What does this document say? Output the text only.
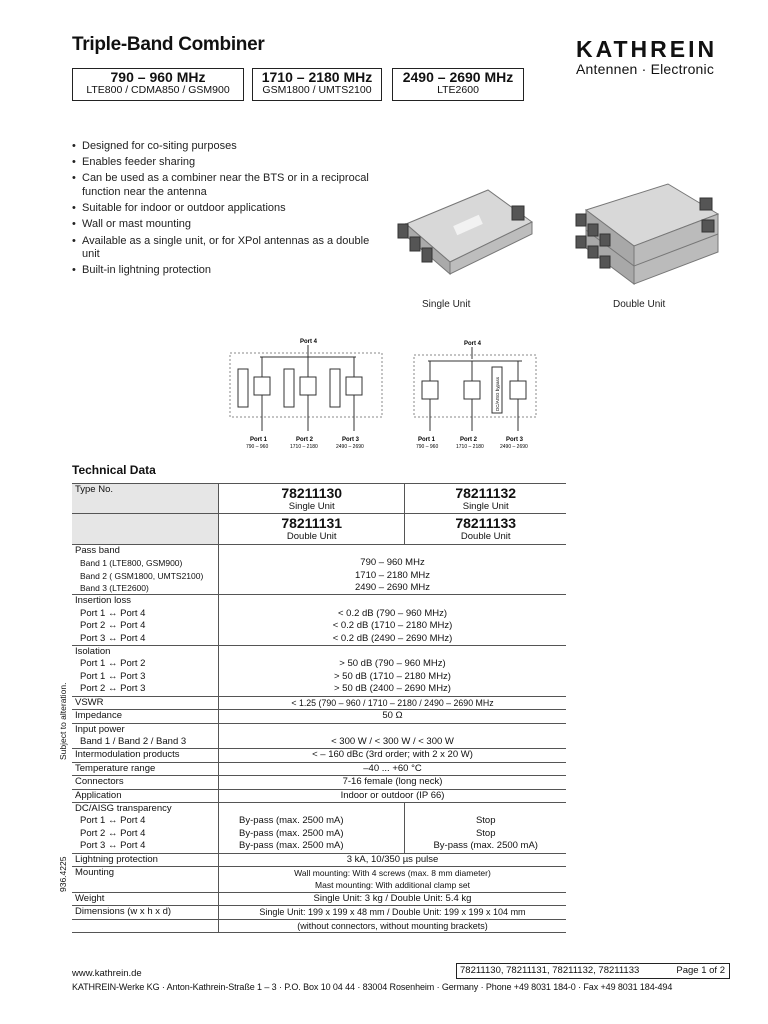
Triple-Band Combiner	KATHREIN
Antennen · Electronic
790 – 960 MHz
LTE800 / CDMA850 / GSM900
1710 – 2180 MHz
GSM1800 / UMTS2100
2490 – 2690 MHz
LTE2600
• Designed for co-siting purposes
• Enables feeder sharing
• Can be used as a combiner near the BTS or in a reciprocal function near the antenna
• Suitable for indoor or outdoor applications
• Wall or mast mounting
• Available as a single unit, or for XPol antennas as a double unit
• Built-in lightning protection
Single Unit	Double Unit
Port 4
Port 1	Port 2	Port 3
790 – 960	1710 – 2180	2490 – 2690
Port 4
DC/AISG bypass
Port 1	Port 2	Port 3
790 – 960	1710 – 2180	2490 – 2690
Technical Data
Type No.	78211130	78211132
	Single Unit	Single Unit
	78211131	78211133
	Double Unit	Double Unit
Pass band		
Band 1 (LTE800, GSM900)	790 – 960 MHz	
Band 2 ( GSM1800, UMTS2100)	1710 – 2180 MHz	
Band 3 (LTE2600)	2490 – 2690 MHz	
Insertion loss		
Port 1 ↔ Port 4	< 0.2 dB (790 – 960 MHz)	
Port 2 ↔ Port 4	< 0.2 dB (1710 – 2180 MHz)	
Port 3 ↔ Port 4	< 0.2 dB (2490 – 2690 MHz)	
Isolation		
Port 1 ↔ Port 2	> 50 dB (790 – 960 MHz)	
Port 1 ↔ Port 3	> 50 dB (1710 – 2180 MHz)	
Port 2 ↔ Port 3	> 50 dB (2400 – 2690 MHz)	
VSWR	< 1.25 (790 – 960 / 1710 – 2180 / 2490 – 2690 MHz	
Impedance	50 Ω	
Input power		
Band 1 / Band 2 / Band 3	< 300 W / < 300 W / < 300 W	
Intermodulation products	< – 160 dBc (3rd order; with 2 x 20 W)	
Temperature range	–40 ... +60 °C	
Connectors	7-16 female (long neck)	
Application	Indoor or outdoor (IP 66)	
DC/AISG transparency		
Port 1 ↔ Port 4	By-pass (max. 2500 mA)	Stop
Port 2 ↔ Port 4	By-pass (max. 2500 mA)	Stop
Port 3 ↔ Port 4	By-pass (max. 2500 mA)	By-pass (max. 2500 mA)
Lightning protection	3 kA, 10/350 µs pulse	
Mounting	Wall mounting: With 4 screws (max. 8 mm diameter)	
	Mast mounting: With additional clamp set	
Weight	Single Unit: 3 kg / Double Unit: 5.4 kg	
Dimensions (w x h x d)	Single Unit: 199 x 199 x 48 mm / Double Unit: 199 x 199 x 104 mm	
	(without connectors, without mounting brackets)	
Subject to alteration.
936.4225
www.kathrein.de	78211130, 78211131, 78211132, 78211133	Page 1 of 2
KATHREIN-Werke KG · Anton-Kathrein-Straße 1 – 3 · P.O. Box 10 04 44 · 83004 Rosenheim · Germany · Phone +49 8031 184-0 · Fax +49 8031 184-494
